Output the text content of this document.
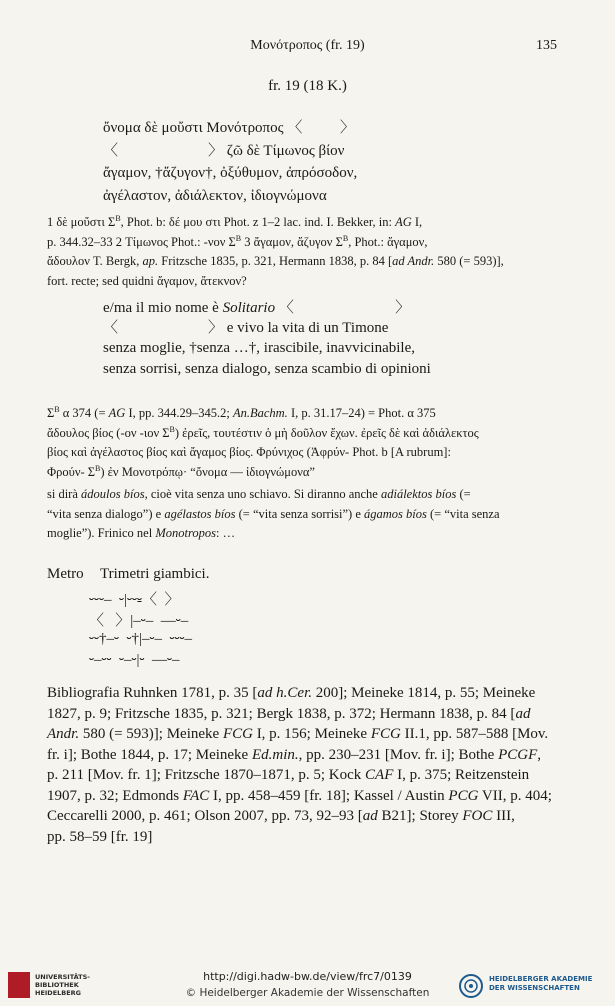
Μονότροπος (fr. 19)	135
fr. 19 (18 K.)
ὄνομα δὲ μοὔστι Μονότροπος 〈          〉
〈                        〉 ζῶ δὲ Τίμωνος βίον
ἄγαμον, †ἄζυγον†, ὀξύθυμον, ἀπρόσοδον,
ἀγέλαστον, ἀδιάλεκτον, ἰδιογνώμονα
1 δὲ μοὔστι $\Sigma^B$, Phot. b: δέ μου στι Phot. z 1–2 lac. ind. I. Bekker, in: AG I,
p. 344.32–33 2 Τίμωνος Phot.: -νον $\Sigma^B$ 3 ἄγαμον, ἄζυγον $\Sigma^B$, Phot.: ἄγαμον,
ἄδουλον T. Bergk, ap. Fritzsche 1835, p. 321, Hermann 1838, p. 84 [ad Andr. 580 (= 593)],
fort. recte; sed quidni ἄγαμον, ἄτεκνον?
e/ma il mio nome è Solitario 〈                           〉
〈                        〉 e vivo la vita di un Timone
senza moglie, †senza …†, irascibile, inavvicinabile,
senza sorrisi, senza dialogo, senza scambio di opinioni
$\Sigma^B$ α 374 (= AG I, pp. 344.29–345.2; An.Bachm. I, p. 31.17–24) = Phot. α 375
ἄδουλος βίος (-ον -ιον $\Sigma^B$) ἐρεῖς, τουτέστιν ὁ μὴ δοῦλον ἔχων. ἐρεῖς δὲ καὶ ἀδιάλεκτος
βίος καὶ ἀγέλαστος βίος καὶ ἄγαμος βίος. Φρύνιχος (Ἀφρύν- Phot. b [A rubrum]:
Φρούν- $\Sigma^B$) ἐν Μονοτρόπῳ· “ὄνομα — ἰδιογνώμονα”
si dirà ádoulos bíos, cioè vita senza uno schiavo. Si diranno anche adiálektos bíos (=
“vita senza dialogo”) e agélastos bíos (= “vita senza sorrisi”) e ágamos bíos (= “vita senza
moglie”). Frinico nel Monotropos: …
Metro Trimetri giambici.
⏑⏑⏑–  ⏑|⏑⏑⏓〈  〉
〈   〉|–⏑–  ––⏑–
⏑⏑†–⏑  ⏑†|–⏑–  ⏑⏑⏑–
⏑–⏑⏑  ⏑–⏑|⏑  ––⏑–
Bibliografia Ruhnken 1781, p. 35 [ad h.Cer. 200]; Meineke 1814, p. 55; Meineke
1827, p. 9; Fritzsche 1835, p. 321; Bergk 1838, p. 372; Hermann 1838, p. 84 [ad
Andr. 580 (= 593)]; Meineke FCG I, p. 156; Meineke FCG II.1, pp. 587–588 [Mov.
fr. i]; Bothe 1844, p. 17; Meineke Ed.min., pp. 230–231 [Mov. fr. i]; Bothe PCGF,
p. 211 [Mov. fr. 1]; Fritzsche 1870–1871, p. 5; Kock CAF I, p. 375; Reitzenstein
1907, p. 32; Edmonds FAC I, pp. 458–459 [fr. 18]; Kassel / Austin PCG VII, p. 404;
Ceccarelli 2000, p. 461; Olson 2007, pp. 73, 92–93 [ad B21]; Storey FOC III,
pp. 58–59 [fr. 19]
UNIVERSITÄTS-
BIBLIOTHEK
HEIDELBERG
http://digi.hadw-bw.de/view/frc7/0139
© Heidelberger Akademie der Wissenschaften
HEIDELBERGER AKADEMIE
DER WISSENSCHAFTEN
